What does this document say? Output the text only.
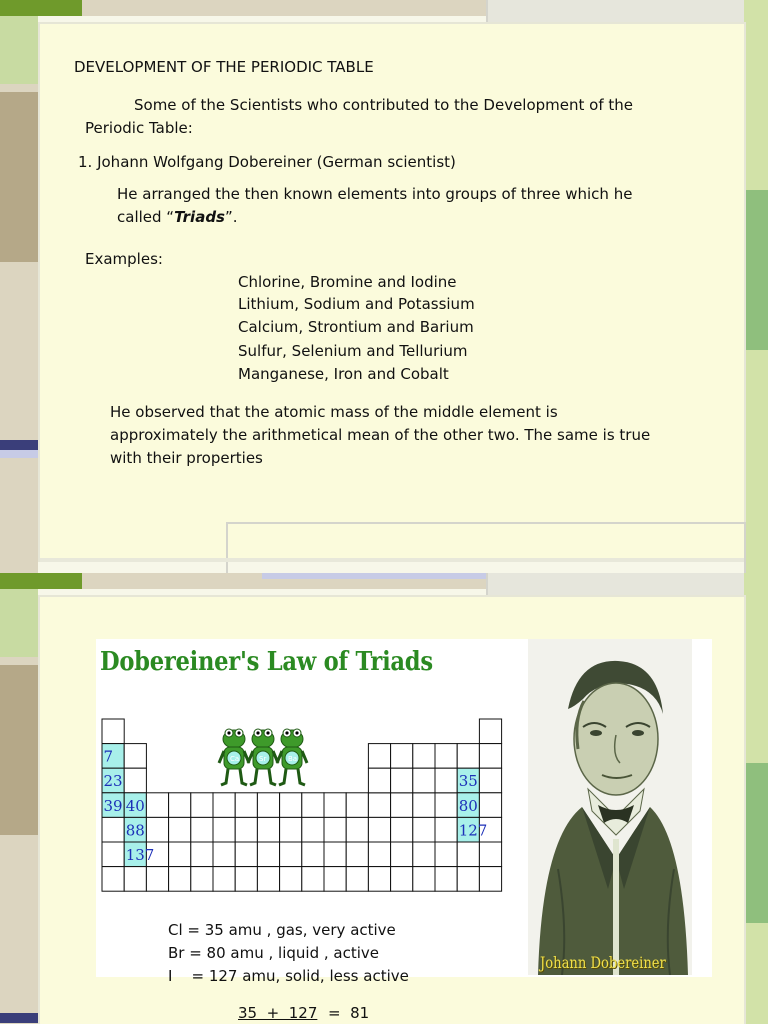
DEVELOPMENT OF THE PERIODIC TABLE
Some of the Scientists who contributed to the Development of the
Periodic Table:
1. Johann Wolfgang Dobereiner (German scientist)
He arranged the then known elements into groups of three which he
called “Triads”.
Examples:
Chlorine, Bromine and Iodine
Lithium, Sodium and Potassium
Calcium, Strontium and Barium
Sulfur, Selenium and Tellurium
Manganese, Iron and Cobalt
He observed that the atomic mass of the middle element is
approximately the arithmetical mean of the other two. The same is true
with their properties
7
23
39 40
88
137
35
80
127
Ca	Sr	Ba
Dobereiner's Law of Triads
Johann Dobereiner
Cl = 35 amu , gas, very active
Br = 80 amu , liquid , active
I    = 127 amu, solid, less active
35  +  127 =  81
